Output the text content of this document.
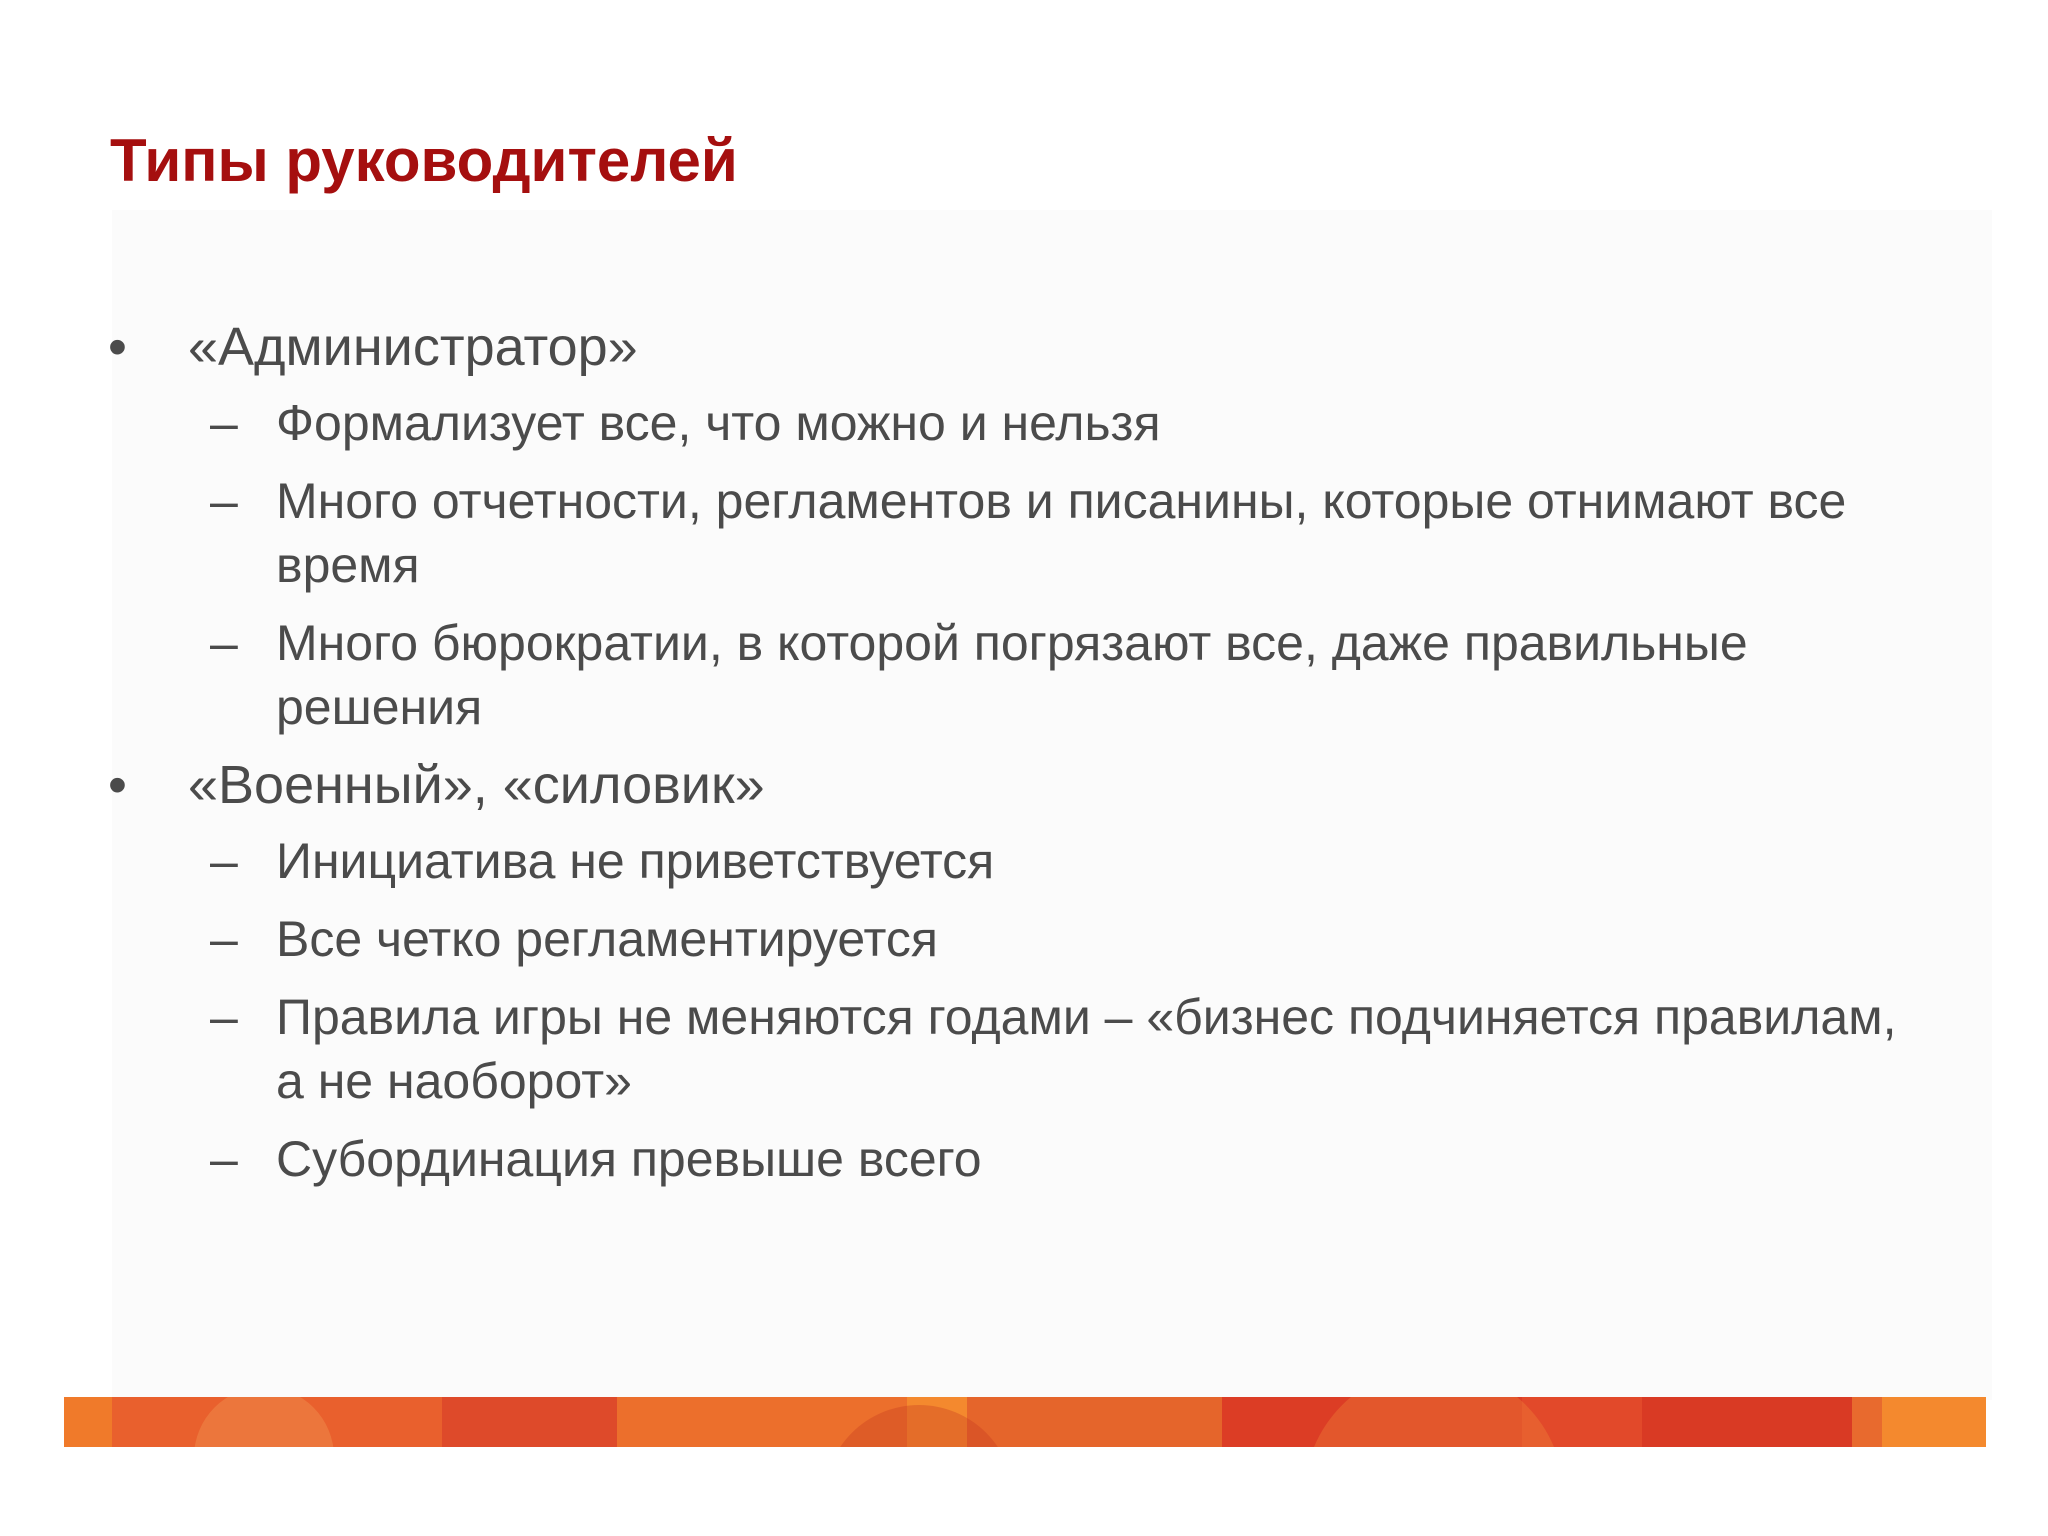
Типы руководителей
•	«Администратор»
– Формализует все, что можно и нельзя
– Много отчетности, регламентов и писанины, которые отнимают все время
– Много бюрократии, в которой погрязают все, даже правильные решения
•	«Военный», «силовик»
– Инициатива не приветствуется
– Все четко регламентируется
– Правила игры не меняются годами – «бизнес подчиняется правилам, а не наоборот»
– Субординация превыше всего
